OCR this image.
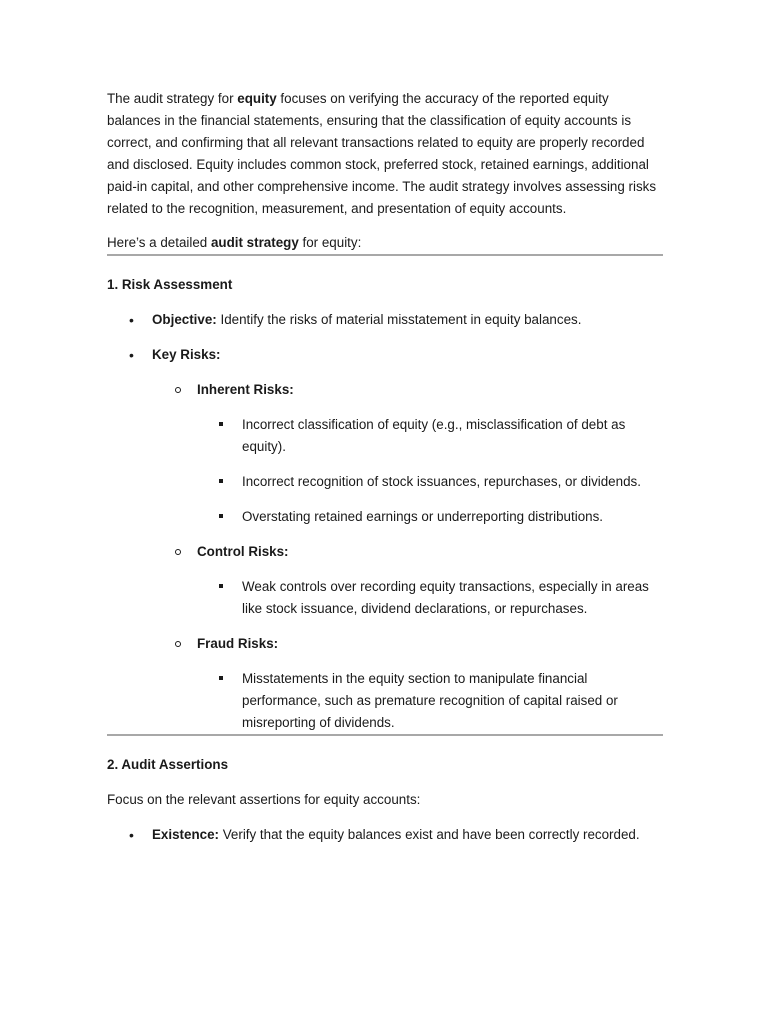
The audit strategy for equity focuses on verifying the accuracy of the reported equity balances in the financial statements, ensuring that the classification of equity accounts is correct, and confirming that all relevant transactions related to equity are properly recorded and disclosed. Equity includes common stock, preferred stock, retained earnings, additional paid-in capital, and other comprehensive income. The audit strategy involves assessing risks related to the recognition, measurement, and presentation of equity accounts.

Here’s a detailed audit strategy for equity:

1. Risk Assessment

• Objective: Identify the risks of material misstatement in equity balances.
• Key Risks:
Inherent Risks:
Incorrect classification of equity (e.g., misclassification of debt as equity).
Incorrect recognition of stock issuances, repurchases, or dividends.
Overstating retained earnings or underreporting distributions.
Control Risks:
Weak controls over recording equity transactions, especially in areas like stock issuance, dividend declarations, or repurchases.
Fraud Risks:
Misstatements in the equity section to manipulate financial performance, such as premature recognition of capital raised or misreporting of dividends.

2. Audit Assertions

Focus on the relevant assertions for equity accounts:

• Existence: Verify that the equity balances exist and have been correctly recorded.
